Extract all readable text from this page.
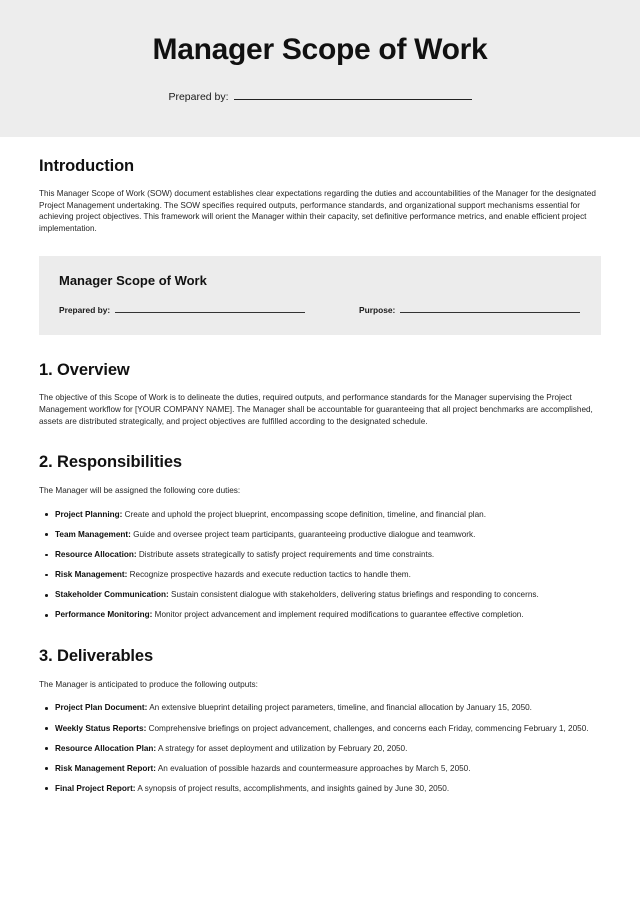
Manager Scope of Work
Prepared by:
Introduction

This Manager Scope of Work (SOW) document establishes clear expectations regarding the duties and accountabilities of the Manager for the designated Project Management undertaking. The SOW specifies required outputs, performance standards, and organizational support mechanisms essential for achieving project objectives. This framework will orient the Manager within their capacity, set definitive performance metrics, and enable efficient project implementation.

Manager Scope of Work
Prepared by:	Purpose:
1. Overview

The objective of this Scope of Work is to delineate the duties, required outputs, and performance standards for the Manager supervising the Project Management workflow for [YOUR COMPANY NAME]. The Manager shall be accountable for guaranteeing that all project benchmarks are accomplished, assets are distributed strategically, and project objectives are fulfilled according to the designated schedule.

2. Responsibilities

The Manager will be assigned the following core duties:

Project Planning: Create and uphold the project blueprint, encompassing scope definition, timeline, and financial plan.
Team Management: Guide and oversee project team participants, guaranteeing productive dialogue and teamwork.
Resource Allocation: Distribute assets strategically to satisfy project requirements and time constraints.
Risk Management: Recognize prospective hazards and execute reduction tactics to handle them.
Stakeholder Communication: Sustain consistent dialogue with stakeholders, delivering status briefings and responding to concerns.
Performance Monitoring: Monitor project advancement and implement required modifications to guarantee effective completion.
3. Deliverables

The Manager is anticipated to produce the following outputs:

Project Plan Document: An extensive blueprint detailing project parameters, timeline, and financial allocation by January 15, 2050.
Weekly Status Reports: Comprehensive briefings on project advancement, challenges, and concerns each Friday, commencing February 1, 2050.
Resource Allocation Plan: A strategy for asset deployment and utilization by February 20, 2050.
Risk Management Report: An evaluation of possible hazards and countermeasure approaches by March 5, 2050.
Final Project Report: A synopsis of project results, accomplishments, and insights gained by June 30, 2050.
